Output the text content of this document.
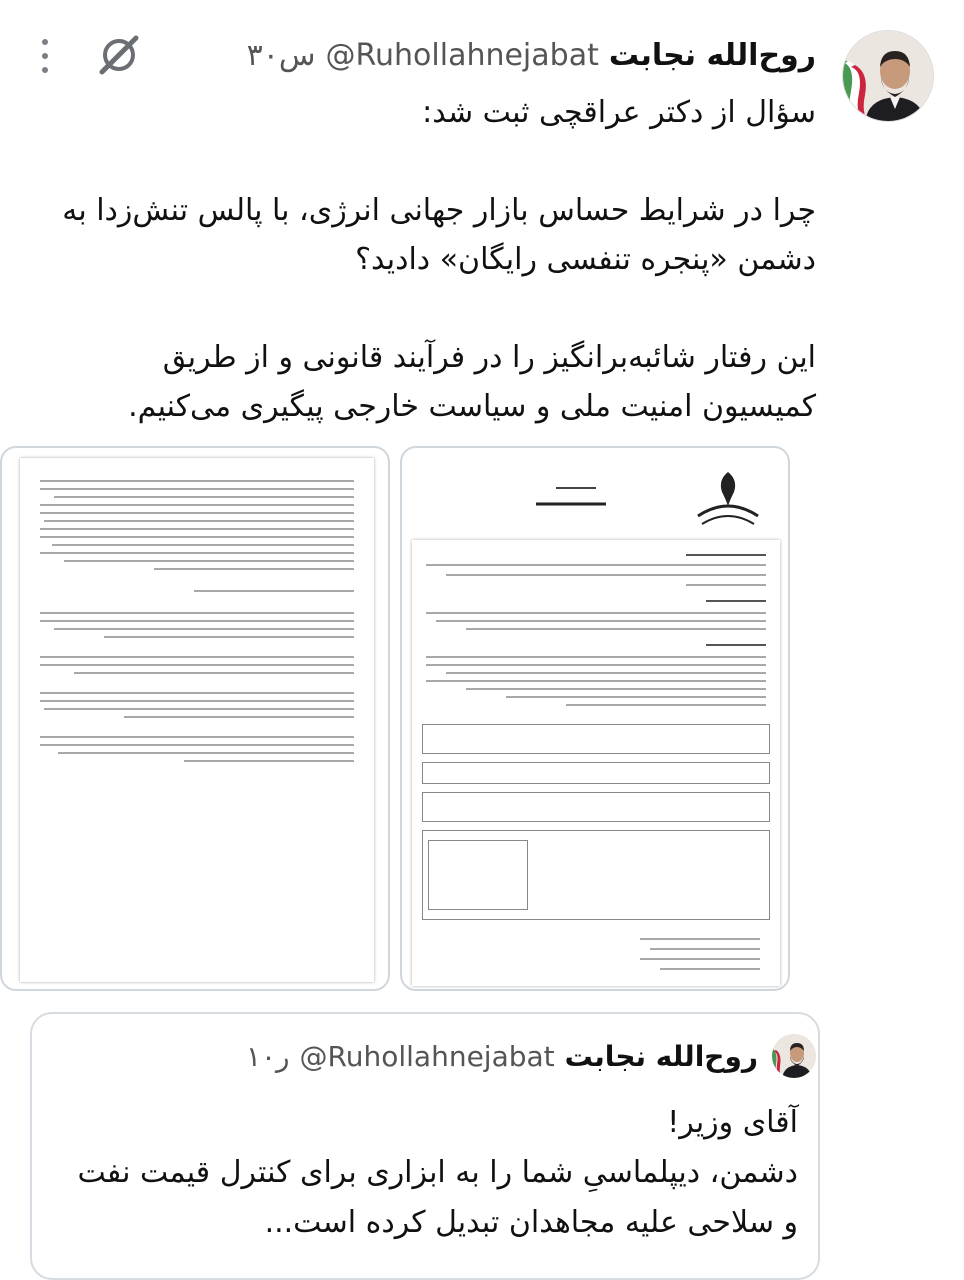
روح‌الله نجابت
@Ruhollahnejabat
۳۰س

سؤال از دکتر عراقچی ثبت شد:

چرا در شرایط حساس بازار جهانی انرژی، با پالس تنش‌زدا به دشمن «پنجره تنفسی رایگان» دادید؟

این رفتار شائبه‌برانگیز را در فرآیند قانونی و از طریق کمیسیون امنیت ملی و سیاست خارجی پیگیری می‌کنیم.

روح‌الله نجابت
@Ruhollahnejabat
۱۰ر
آقای وزیر!
دشمن، دیپلماسیِ شما را به ابزاری برای کنترل قیمت نفت و سلاحی علیه مجاهدان تبدیل کرده است...
